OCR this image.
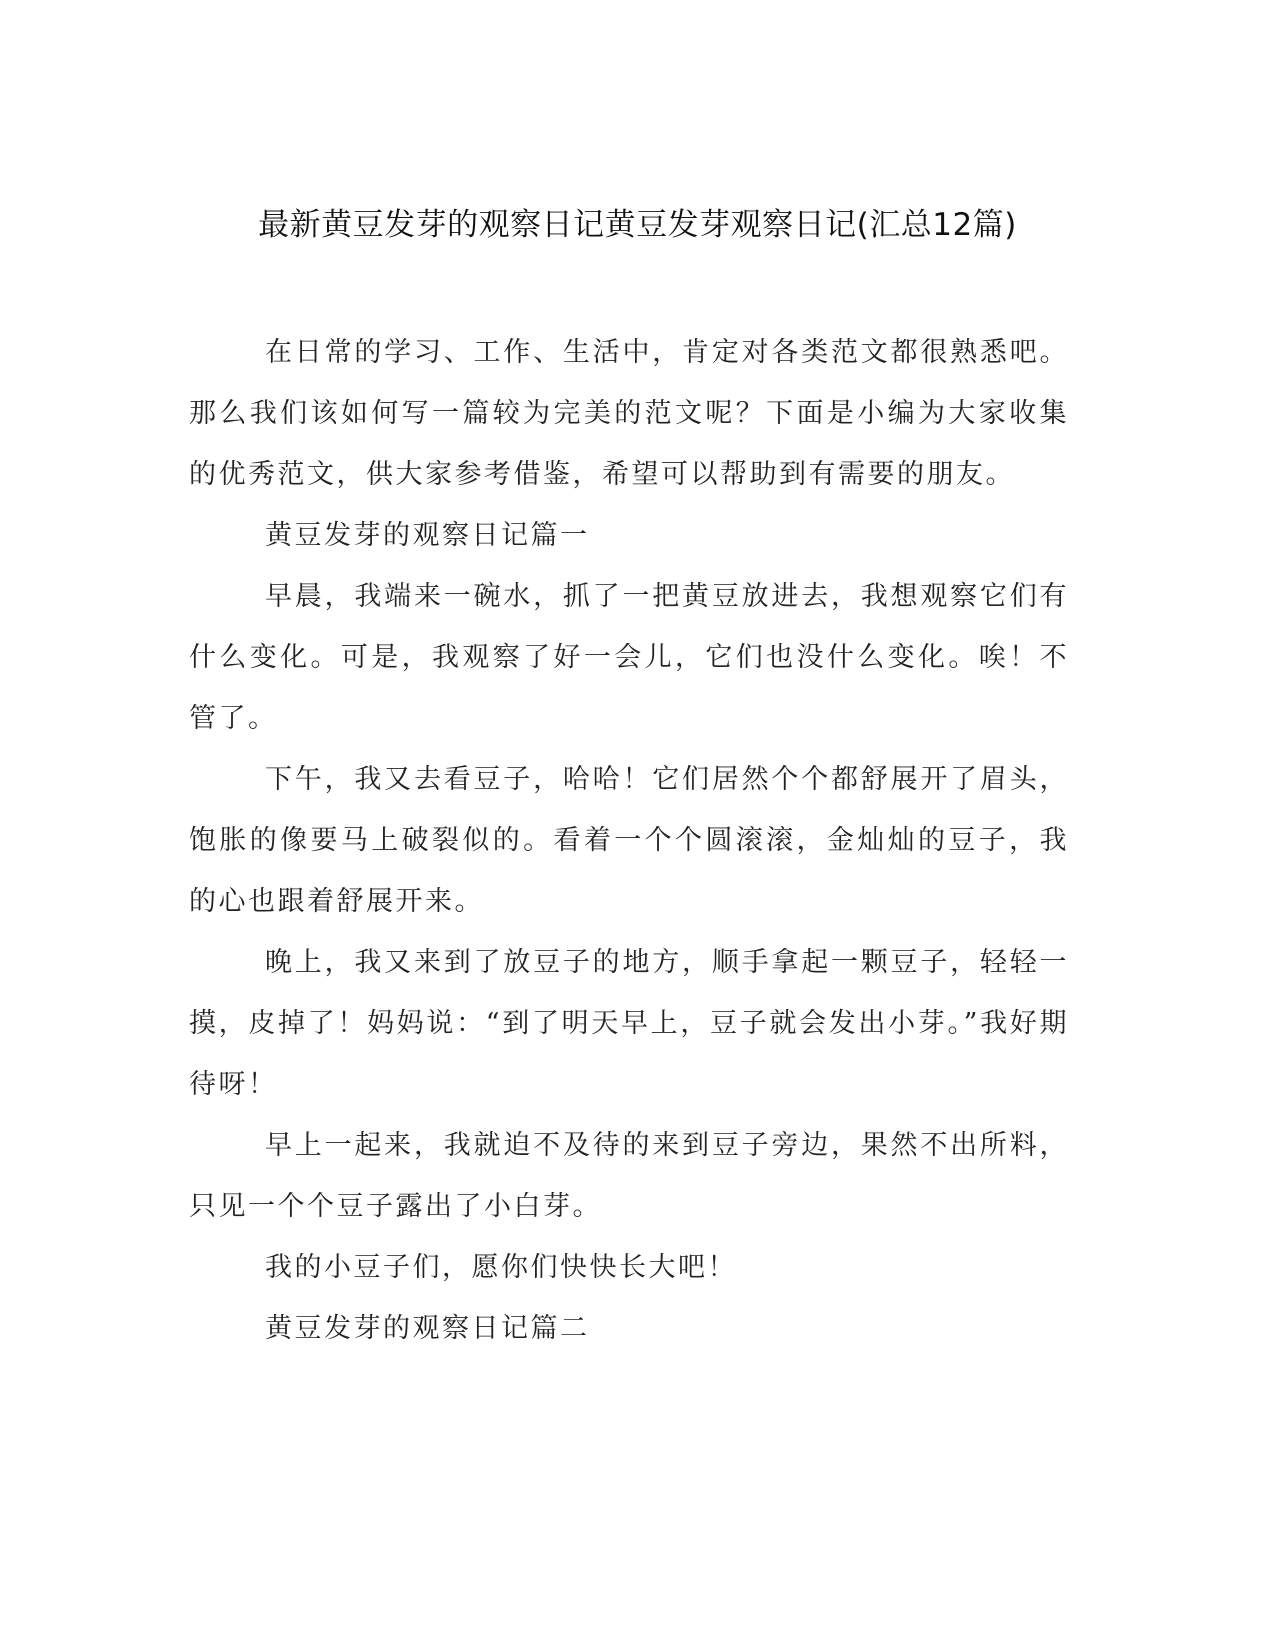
最新黄豆发芽的观察日记黄豆发芽观察日记(汇总12篇)

在日常的学习、工作、生活中，肯定对各类范文都很熟悉吧。那么我们该如何写一篇较为完美的范文呢？下面是小编为大家收集的优秀范文，供大家参考借鉴，希望可以帮助到有需要的朋友。

黄豆发芽的观察日记篇一

早晨，我端来一碗水，抓了一把黄豆放进去，我想观察它们有什么变化。可是，我观察了好一会儿，它们也没什么变化。唉！不管了。

下午，我又去看豆子，哈哈！它们居然个个都舒展开了眉头，饱胀的像要马上破裂似的。看着一个个圆滚滚，金灿灿的豆子，我的心也跟着舒展开来。

晚上，我又来到了放豆子的地方，顺手拿起一颗豆子，轻轻一摸，皮掉了！妈妈说：“到了明天早上，豆子就会发出小芽。”我好期待呀！

早上一起来，我就迫不及待的来到豆子旁边，果然不出所料，只见一个个豆子露出了小白芽。

我的小豆子们，愿你们快快长大吧！

黄豆发芽的观察日记篇二
